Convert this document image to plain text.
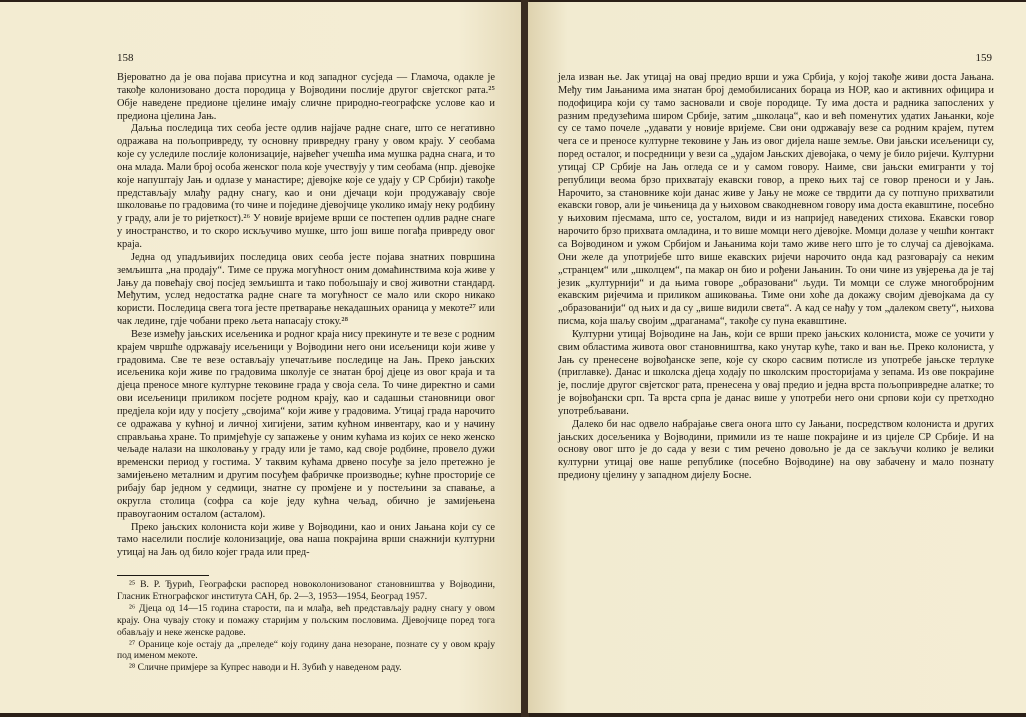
158

Вјероватно да је ова појава присутна и код западног сусједа — Гламоча, одакле је такође колонизовано доста породица у Војводини послије другог свјетског рата.²⁵ Обје наведене предионе цјелине имају сличне природно-географске услове као и предиона цјелина Јањ.

Даљња последица тих сеоба јесте одлив најјаче радне снаге, што се негативно одражава на пољопривреду, ту основну привредну грану у овом крају. У сеобама које су уследиле послије колонизације, највећег учешћа има мушка радна снага, и то она млада. Мали број особа женског пола које учествују у тим сеобама (нпр. дјевојке које напуштају Јањ и одлазе у манастире; дјевојке које се удају у СР Србији) такође представљају млађу радну снагу, као и они дјечаци који продужавају своје школовање по градовима (то чине и поједине дјевојчице уколико имају неку родбину у граду, али је то ријеткост).²⁶ У новије вријеме врши се постепен одлив радне снаге у иностранство, и то скоро искључиво мушке, што још више погађа привреду овог краја.

Једна од упадљивијих последица ових сеоба јесте појава знатних површина земљишта „на продају“. Тиме се пружа могућност оним домаћинствима која живе у Јању да повећају свој посјед земљишта и тако побољшају и свој животни стандард. Међутим, услед недостатка радне снаге та могућност се мало или скоро никако користи. Последица свега тога јесте претварање некадашњих ораница у мекоте²⁷ или чак ледине, гдје чобани преко љета напасају стоку.²⁸

Везе између јањских исељеника и родног краја нису прекинуте и те везе с родним крајем чвршће одржавају исељеници у Војводини него они исељеници који живе у градовима. Све те везе остављају упечатљиве последице на Јањ. Преко јањских исељеника који живе по градовима школује се знатан број дјеце из овог краја и та дјеца преносе многе културне тековине града у своја села. То чине директно и сами ови исељеници приликом посјете родном крају, као и садашњи становници овог предјела који иду у посјету „својима“ који живе у градовима. Утицај града нарочито се одражава у кућној и личној хигијени, затим кућном инвентару, као и у начину справљања хране. То примјећује су запажење у оним кућама из којих се неко женско чељаде налази на школовању у граду или је тамо, кад своје родбине, провело дужи временски период у гостима. У таквим кућама дрвено посуђе за јело претежно је замијењено металним и другим посуђем фабричке производње; кућне просторије се рибају бар једном у седмици, знатне су промјене и у постељини за спавање, а округла столица (софра са које једу кућна чељад, обично је замијењена правоугаоним осталом (асталом).

Преко јањских колониста који живе у Војводини, као и оних Јањана који су се тамо населили послије колонизације, ова наша покрајина врши снажнији културни утицај на Јањ од било којег града или пред-

²⁵ В. Р. Ђурић, Географски распоред новоколонизованог становништва у Војводини, Гласник Етнографског института САН, бр. 2—3, 1953—1954, Београд 1957.

²⁶ Дјеца од 14—15 година старости, па и млађа, већ представљају радну снагу у овом крају. Она чувају стоку и помажу старијим у пољским пословима. Дјевојчице поред тога обављају и неке женске радове.

²⁷ Оранице које остају да „преледе“ коју годину дана незоране, познате су у овом крају под именом мекоте.

²⁸ Сличне примјере за Купрес наводи и Н. Зубић у наведеном раду.

159

јела изван ње. Јак утицај на овај предио врши и ужа Србија, у којој такође живи доста Јањана. Међу тим Јањанима има знатан број демобилисаних бораца из НОР, као и активних официра и подофицира који су тамо засновали и своје породице. Ту има доста и радника запослених у разним предузећима широм Србије, затим „школаца“, као и већ поменутих удатих Јањанки, које су се тамо почеле „удавати у новије вријеме. Сви они одржавају везе са родним крајем, путем чега се и преносе културне тековине у Јањ из овог дијела наше земље. Ови јањски исељеници су, поред осталог, и посредници у вези са „удајом Јањских дјевојака, о чему је било ријечи. Културни утицај СР Србије на Јањ огледа се и у самом говору. Наиме, сви јањски емигранти у тој републици веома брзо прихватају екавски говор, а преко њих тај се говор преноси и у Јањ. Нарочито, за становнике који данас живе у Јању не може се тврдити да су потпуно прихватили екавски говор, али је чињеница да у њиховом свакодневном говору има доста екавштине, посебно у њиховим пјесмама, што се, уосталом, види и из напријед наведених стихова. Екавски говор нарочито брзо прихвата омладина, и то више момци него дјевојке. Момци долазе у чешћи контакт са Војводином и ужом Србијом и Јањанима који тамо живе него што је то случај са дјевојкама. Они желе да употријебе што више екавских ријечи нарочито онда кад разговарају са неким „странцем“ или „школцем“, па макар он био и рођени Јањанин. То они чине из увјерења да је тај језик „културнији“ и да њима говоре „образовани“ људи. Ти момци се служе многобројним екавским ријечима и приликом ашиковања. Тиме они хоће да докажу својим дјевојкама да су „образованији“ од њих и да су „више видили света“. А кад се нађу у том „далеком свету“, њихова писма, која шаљу својим „драганама“, такође су пуна екавштине.

Културни утицај Војводине на Јањ, који се врши преко јањских колониста, може се уочити у свим областима живота овог становништва, како унутар куће, тако и ван ње. Преко колониста, у Јањ су пренесене војвођанске зепе, које су скоро сасвим потисле из употребе јањске терлуке (приглавке). Данас и школска дјеца ходају по школским просторијама у зепама. Из ове покрајине је, послије другог свјетског рата, пренесена у овај предио и једна врста пољопривредне алатке; то је војвођански срп. Та врста српа је данас више у употреби него они српови који су претходно употребљавани.

Далеко би нас одвело набрајање свега онога што су Јањани, посредством колониста и других јањских досељеника у Војводини, примили из те наше покрајине и из цијеле СР Србије. И на основу овог што је до сада у вези с тим речено довољно је да се закључи колико је велики културни утицај ове наше републике (посебно Војводине) на ову забачену и мало познату предиону цјелину у западном дијелу Босне.
